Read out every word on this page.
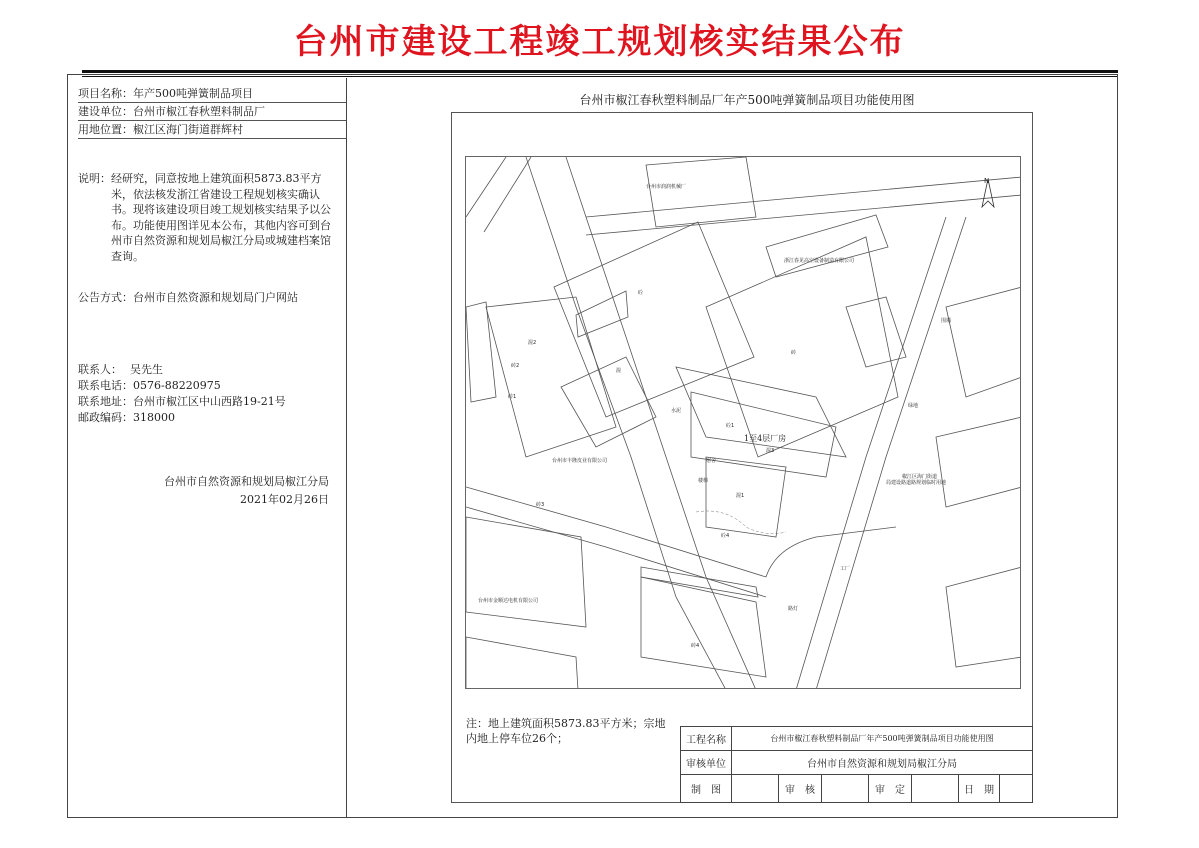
台州市建设工程竣工规划核实结果公布
项目名称：年产500吨弹簧制品项目
建设单位：台州市椒江春秋塑料制品厂
用地位置：椒江区海门街道群辉村
说明： 经研究，同意按地上建筑面积5873.83平方米，依法核发浙江省建设工程规划核实确认书。现将该建设项目竣工规划核实结果予以公布。功能使用图详见本公布，其他内容可到台州市自然资源和规划局椒江分局或城建档案馆查询。
公告方式：台州市自然资源和规划局门户网站
联系人： 吴先生
联系电话：0576-88220975
联系地址：台州市椒江区中山西路19-21号
邮政编码：318000
台州市自然资源和规划局椒江分局
2021年02月26日
台州市椒江春秋塑料制品厂年产500吨弹簧制品项目功能使用图
N
台州市润润机械厂
浙江春见高空设备制造有限公司
台州市丰隆皮业有限公司
台州市金顺达电机有限公司
椒江区海门街道
局建设路道路规划临时用地
1至4层厂房
砼
砖
混
砼1
混2
砖1
水泥
宿舍
工厂
路灯
绿地
围墙
砖4
楼梯
混1
砼4
砖2
砖3
混3
注：地上建筑面积5873.83平方米；宗地内地上停车位26个；	工程名称	台州市椒江春秋塑料制品厂年产500吨弹簧制品项目功能使用图						
审核单位	台州市自然资源和规划局椒江分局						
制　图		审　核		审　定		日　期	
